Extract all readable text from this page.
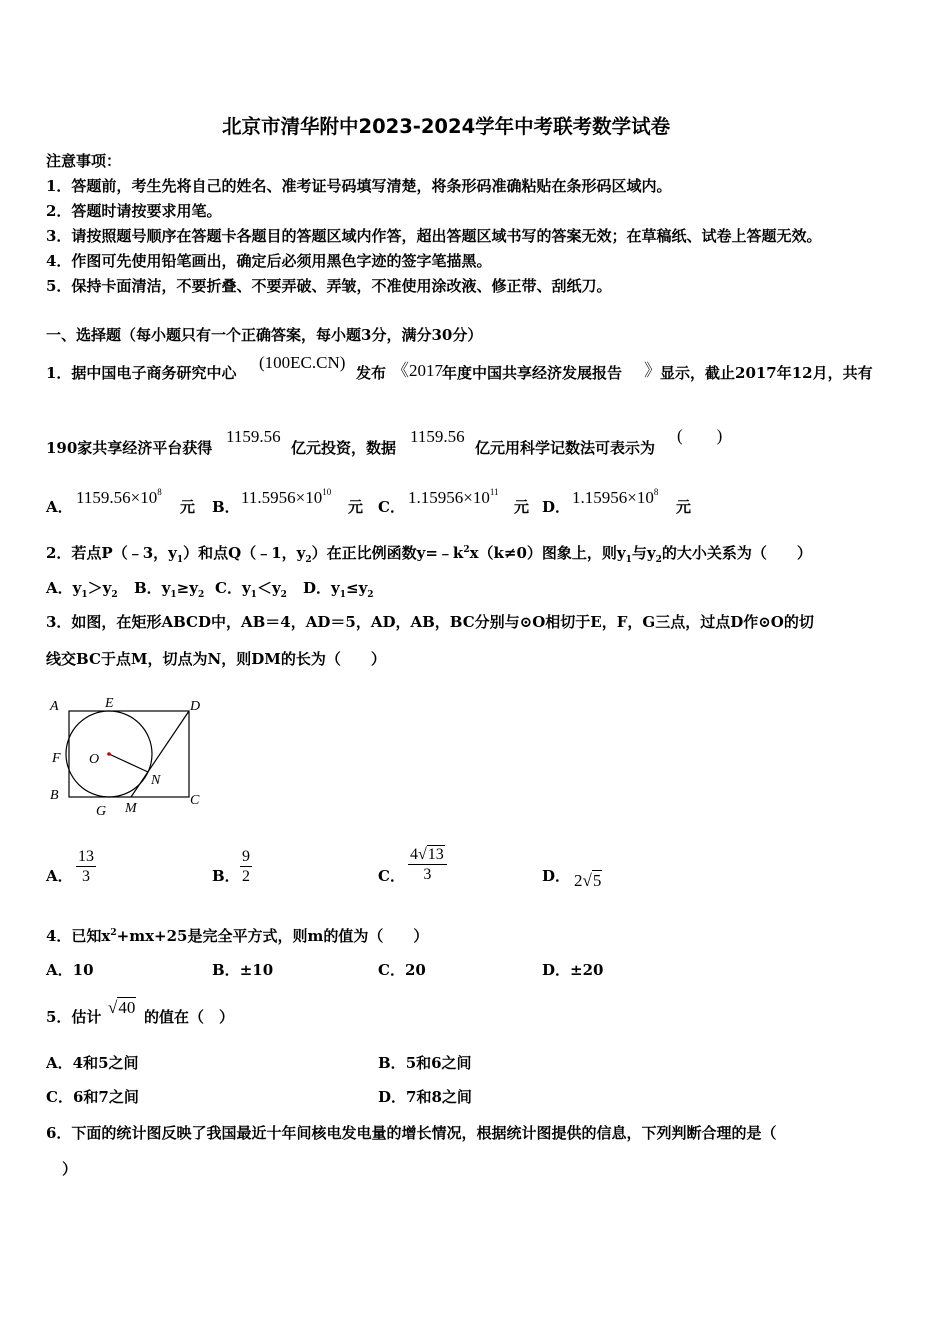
北京市清华附中2023-2024学年中考联考数学试卷
注意事项：
1．答题前，考生先将自己的姓名、准考证号码填写清楚，将条形码准确粘贴在条形码区域内。
2．答题时请按要求用笔。
3．请按照题号顺序在答题卡各题目的答题区域内作答，超出答题区域书写的答案无效；在草稿纸、试卷上答题无效。
4．作图可先使用铅笔画出，确定后必须用黑色字迹的签字笔描黑。
5．保持卡面清洁，不要折叠、不要弄破、弄皱，不准使用涂改液、修正带、刮纸刀。
一、选择题（每小题只有一个正确答案，每小题3分，满分30分）
1．据中国电子商务研究中心
(100EC.CN)
发布 《2017 年度中国共享经济发展报告 》 显示，截止2017年12月，共有
190家共享经济平台获得
1159.56
亿元投资，数据
1159.56
亿元用科学记数法可表示为
(　　)
A． $1159.56\times 10^8$
元 B． $11.5956\times 10^{10}$
元 C． $1.15956\times 10^{11}$
元 D． $1.15956\times 10^8$
元
2．若点P（﹣3，$y_1$）和点Q（﹣1，$y_2$）在正比例函数$y=﹣k^2x(k\ne 0)$图象上，则$y_1$与$y_2$的大小关系为（　　）
A．$y_1>y_2$ B．$y_1\ge y_2$ C．$y_1<y_2$ D．$y_1\le y_2$
3．如图，在矩形ABCD中，AB＝4，AD＝5，AD，AB，BC分别与⊙O相切于E，F，G三点，过点D作⊙O的切
线交BC于点M，切点为N，则DM的长为（　　）
A	E	D
F O
N
B	C
G M
A． $\frac{13}{3}$	B． $\frac{9}{2}$	C． $\frac{4√13}{3}$	D． 2√5
4．已知$x^2+mx+25$是完全平方式，则m的值为（　　）
A．10	B．±10	C．20	D．±20
5．估计 √40 的值在（　）
A．4和5之间	B．5和6之间
C．6和7之间	D．7和8之间
6．下面的统计图反映了我国最近十年间核电发电量的增长情况，根据统计图提供的信息，下列判断合理的是（
）
